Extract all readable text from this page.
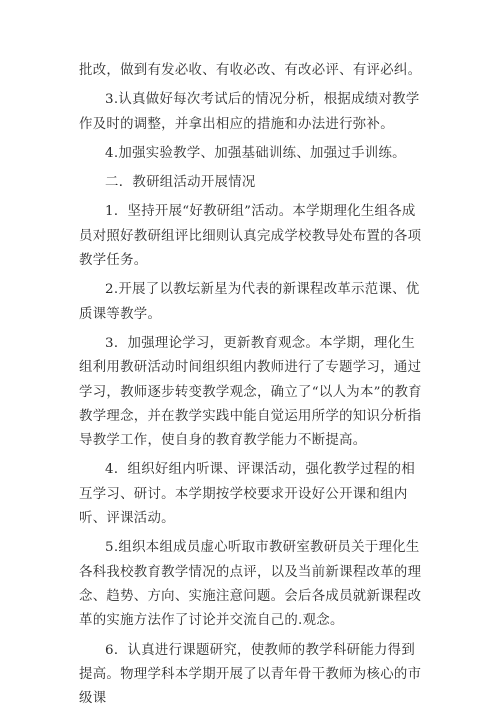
批改，做到有发必收、有收必改、有改必评、有评必纠。

3.认真做好每次考试后的情况分析，根据成绩对教学作及时的调整，并拿出相应的措施和办法进行弥补。

4.加强实验教学、加强基础训练、加强过手训练。

二．教研组活动开展情况

1．坚持开展“好教研组”活动。本学期理化生组各成员对照好教研组评比细则认真完成学校教导处布置的各项教学任务。

2.开展了以教坛新星为代表的新课程改革示范课、优质课等教学。

3．加强理论学习，更新教育观念。本学期，理化生组利用教研活动时间组织组内教师进行了专题学习，通过学习，教师逐步转变教学观念，确立了“以人为本”的教育教学理念，并在教学实践中能自觉运用所学的知识分析指导教学工作，使自身的教育教学能力不断提高。

4．组织好组内听课、评课活动，强化教学过程的相互学习、研讨。本学期按学校要求开设好公开课和组内听、评课活动。

5.组织本组成员虚心听取市教研室教研员关于理化生各科我校教育教学情况的点评，以及当前新课程改革的理念、趋势、方向、实施注意问题。会后各成员就新课程改革的实施方法作了讨论并交流自己的.观念。

6．认真进行课题研究，使教师的教学科研能力得到提高。物理学科本学期开展了以青年骨干教师为核心的市级课
